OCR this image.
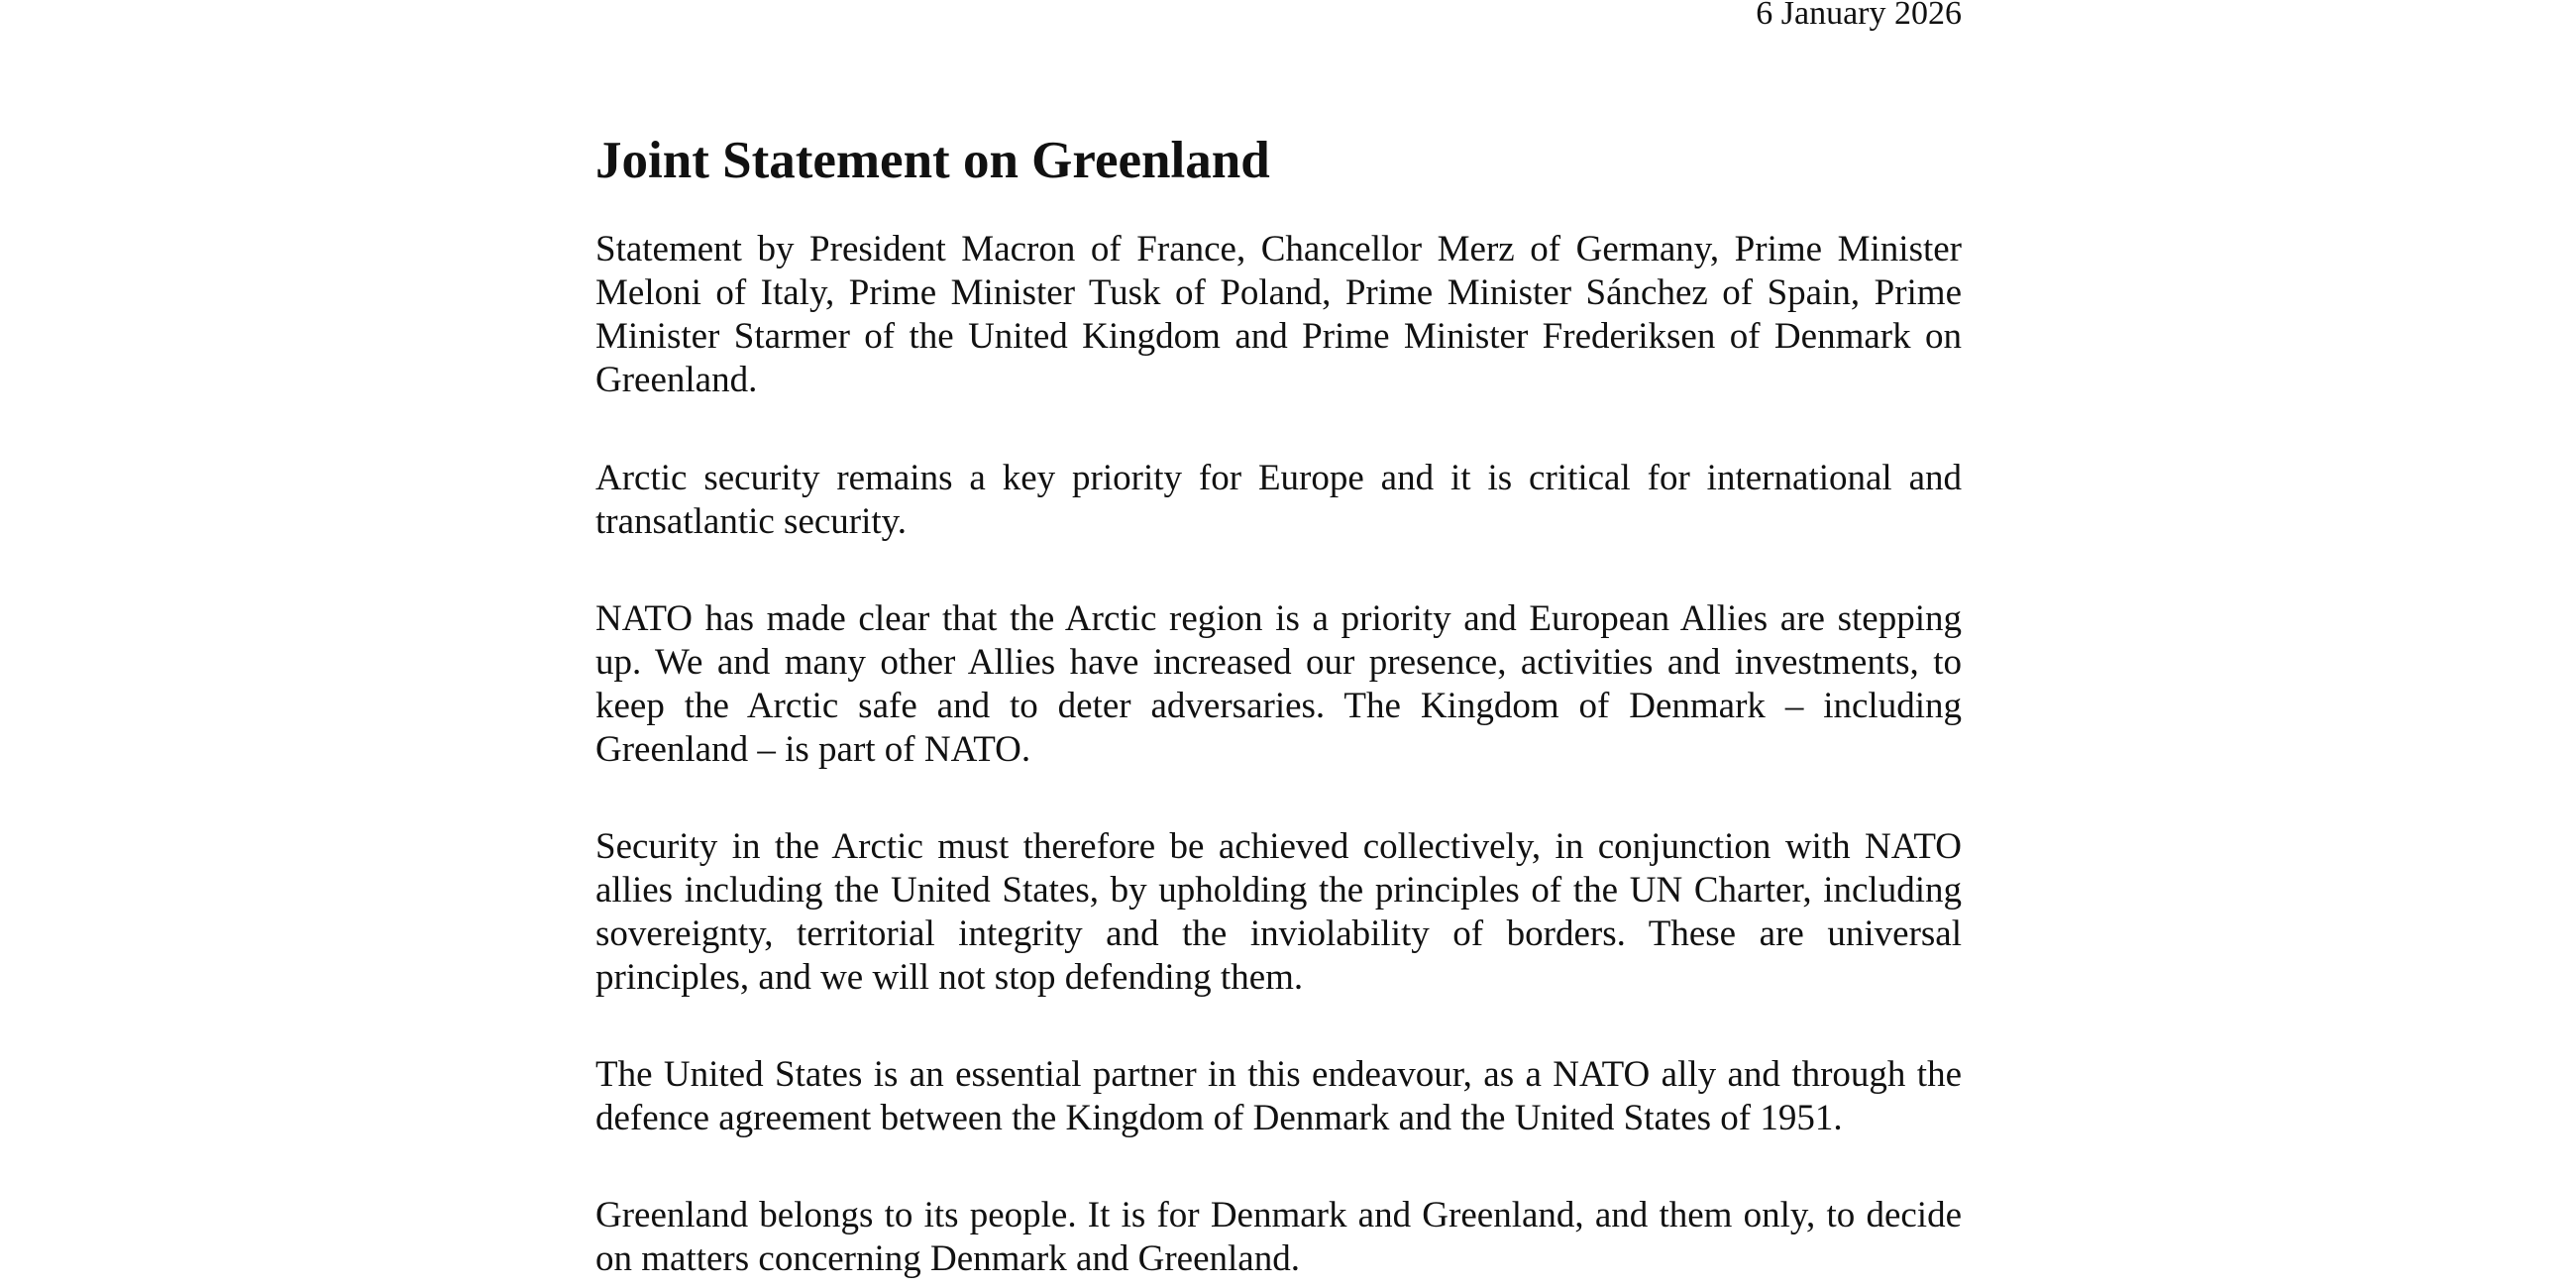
6 January 2026
Joint Statement on Greenland

Statement by President Macron of France, Chancellor Merz of Germany, Prime Minister Meloni of Italy, Prime Minister Tusk of Poland, Prime Minister Sánchez of Spain, Prime Minister Starmer of the United Kingdom and Prime Minister Frederiksen of Denmark on Greenland.

Arctic security remains a key priority for Europe and it is critical for international and transatlantic security.

NATO has made clear that the Arctic region is a priority and European Allies are stepping up. We and many other Allies have increased our presence, activities and investments, to keep the Arctic safe and to deter adversaries. The Kingdom of Denmark – including Greenland – is part of NATO.

Security in the Arctic must therefore be achieved collectively, in conjunction with NATO allies including the United States, by upholding the principles of the UN Charter, including sovereignty, territorial integrity and the inviolability of borders. These are universal principles, and we will not stop defending them.

The United States is an essential partner in this endeavour, as a NATO ally and through the defence agreement between the Kingdom of Denmark and the United States of 1951.

Greenland belongs to its people. It is for Denmark and Greenland, and them only, to decide on matters concerning Denmark and Greenland.
